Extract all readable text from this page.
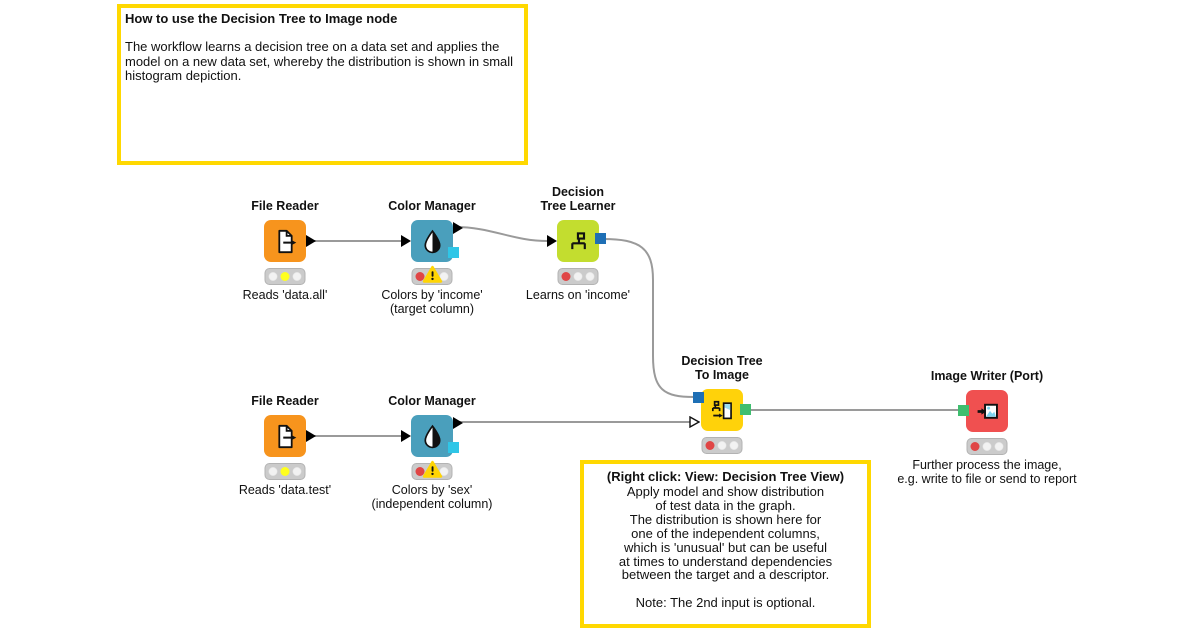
How to use the Decision Tree to Image node
The workflow learns a decision tree on a data set and applies the model on a new data set, whereby the distribution is shown in small histogram depiction.
(Right click: View: Decision Tree View)
Apply model and show distribution
of test data in the graph.
The distribution is shown here for
one of the independent columns,
which is 'unusual' but can be useful
at times to understand dependencies
between the target and a descriptor.
Note: The 2nd input is optional.
File Reader
Reads 'data.all'
Color Manager
Colors by 'income'
(target column)
Decision
Tree Learner
Learns on 'income'
File Reader
Reads 'data.test'
Color Manager
Colors by 'sex'
(independent column)
Decision Tree
To Image	Image Writer (Port)
Further process the image,
e.g. write to file or send to report
